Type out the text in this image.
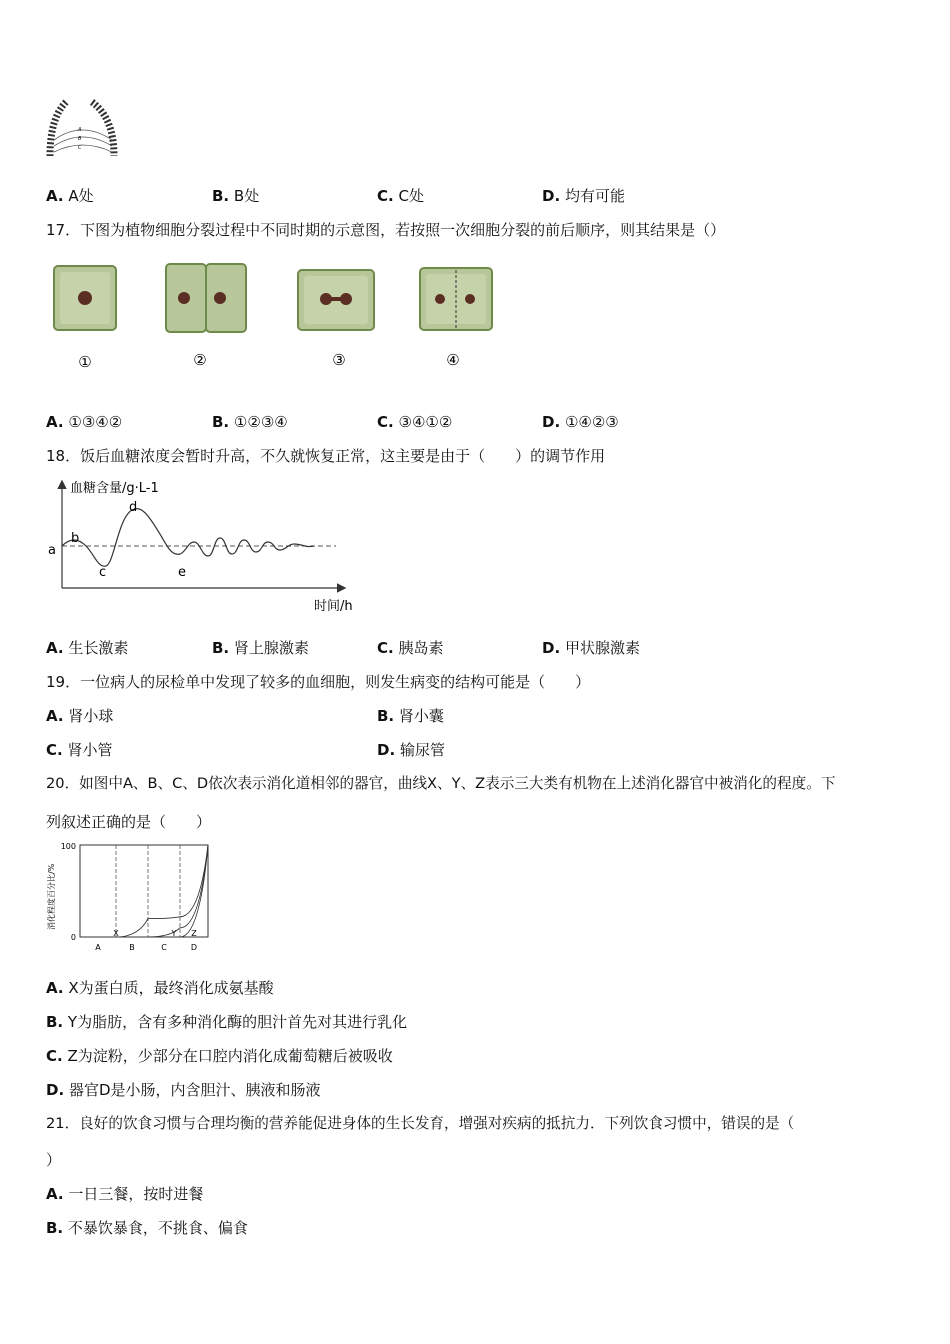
A
B
C
A. A处	B. B处	C. C处	D. 均有可能
17．下图为植物细胞分裂过程中不同时期的示意图，若按照一次细胞分裂的前后顺序，则其结果是（）
①	②	③	④
A. ①③④②	B. ①②③④	C. ③④①②	D. ①④②③
18．饭后血糖浓度会暂时升高，不久就恢复正常，这主要是由于（　　）的调节作用
血糖含量/g·L-1
时间/h
a
b
c
d
e
A. 生长激素	B. 肾上腺激素	C. 胰岛素	D. 甲状腺激素
19．一位病人的尿检单中发现了较多的血细胞，则发生病变的结构可能是（　　）
A. 肾小球	B. 肾小囊
C. 肾小管	D. 输尿管
20．如图中A、B、C、D依次表示消化道相邻的器官，曲线X、Y、Z表示三大类有机物在上述消化器官中被消化的程度。下
列叙述正确的是（　　）
消化程度百分比/%
100
0	X	Y Z
A	B	C	D
A. X为蛋白质，最终消化成氨基酸
B. Y为脂肪，含有多种消化酶的胆汁首先对其进行乳化
C. Z为淀粉，少部分在口腔内消化成葡萄糖后被吸收
D. 器官D是小肠，内含胆汁、胰液和肠液
21．良好的饮食习惯与合理均衡的营养能促进身体的生长发育，增强对疾病的抵抗力．下列饮食习惯中，错误的是（
）
A. 一日三餐，按时进餐
B. 不暴饮暴食，不挑食、偏食
